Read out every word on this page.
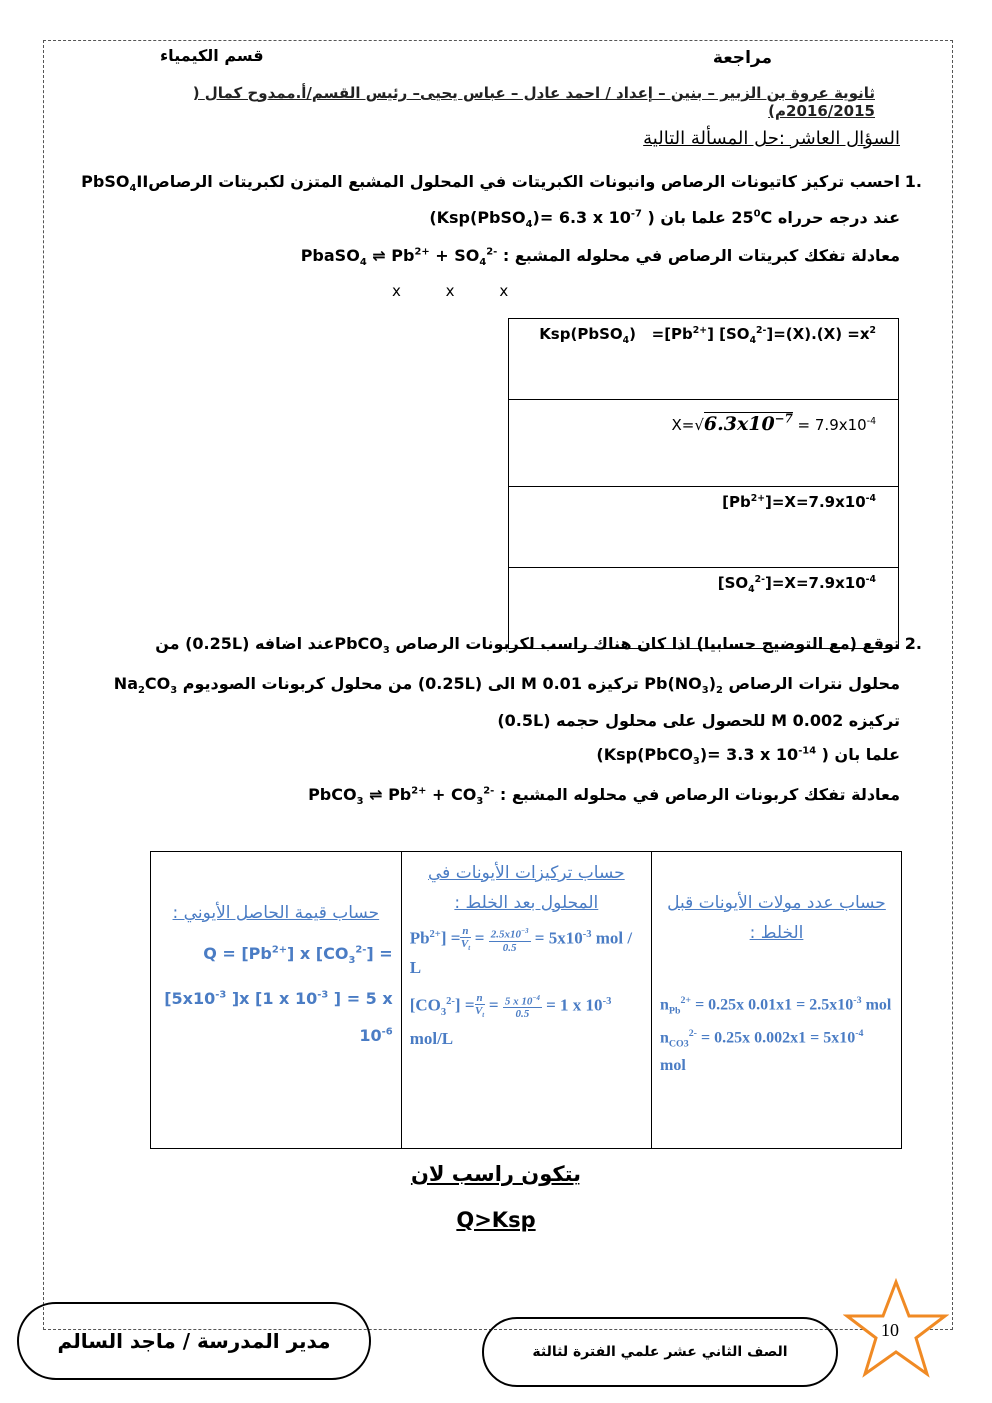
قسم الكيمياء	مراجعة
ثانوية عروة بن الزبير – بنين – إعداد / احمد عادل – عباس يحيى– رئيس القسم/أ.ممدوح كمال ( 2016/2015م)
السؤال العاشر :حل المسألة التالية
.1
احسب تركيز كاتيونات الرصاص وانيونات الكبريتات في المحلول المشبع المتزن لكبريتات الرصاصPbSO$_4$II
عند درجه حرراه $25^0C$ علما بان ( (Ksp(PbSO$_4$)= 6.3 x $10^{-7}$
معادلة تفكك كبريتات الرصاص في محلوله المشبع : PbaSO$_4$ ⇌ $Pb^{2+} + SO_4^{2-}$
x	x	x
Ksp(PbSO$_4$)   $=[Pb^{2+}]$ $[SO_4^{2-}]=(X).(X) =x^2$
$X=√6.3x10^{-7} = 7.9x10^{-4}$
$[Pb^{2+}]=X=7.9x10^{-4}$
$[SO_4^{2-}]=X=7.9x10^{-4}$
.2
توقع (مع التوضيح حسابيا) اذا كان هناك راسب لكربونات الرصاص PbCO$_3$عند اضافه (0.25L) من
محلول نترات الرصاص $Pb(NO_3)_2$ تركيزه 0.01 M الى (0.25L) من محلول كربونات الصوديوم $Na_2CO_3$
تركيزه 0.002 M للحصول على محلول حجمه (0.5L)
علما بان ( (Ksp(PbCO$_3$)= 3.3 x $10^{-14}$
معادلة تفكك كربونات الرصاص في محلوله المشبع : PbCO$_3$ ⇌ $Pb^{2+} + CO_3^{2-}$
حساب قيمة الحاصل الأيوني :
$Q = [Pb^{2+}]$ x $[CO_3^{2-}] = [5x10^{-3}$ ]x [1 x $10^{-3}$ ] = 5 x $10^{-6}$

حساب تركيزات الأيونات في المحلول بعد الخلط :
$Pb^{2+}] = n$
$V_t = 2.5x10^{-3}$
$0.5 = 5x10^{-3}$ mol / L
$[CO_3^{2-}] = n$
$V_t = 5$ x $10^{-4}$
0.5 = 1 x $10^{-3}$ mol/L

حساب عدد مولات الأيونات قبل الخلط :
$n_{Pb}^{2+} = 0.25x$ $0.01x1 = 2.5x10^{-3}$ mol
$n_{CO3}^{2-} = 0.25x$ $0.002x1 = 5x10^{-4}$ mol
يتكون راسب لان
Q>Ksp
مدير المدرسة / ماجد السالم	الصف الثاني عشر علمي الفترة لثالثة
10
